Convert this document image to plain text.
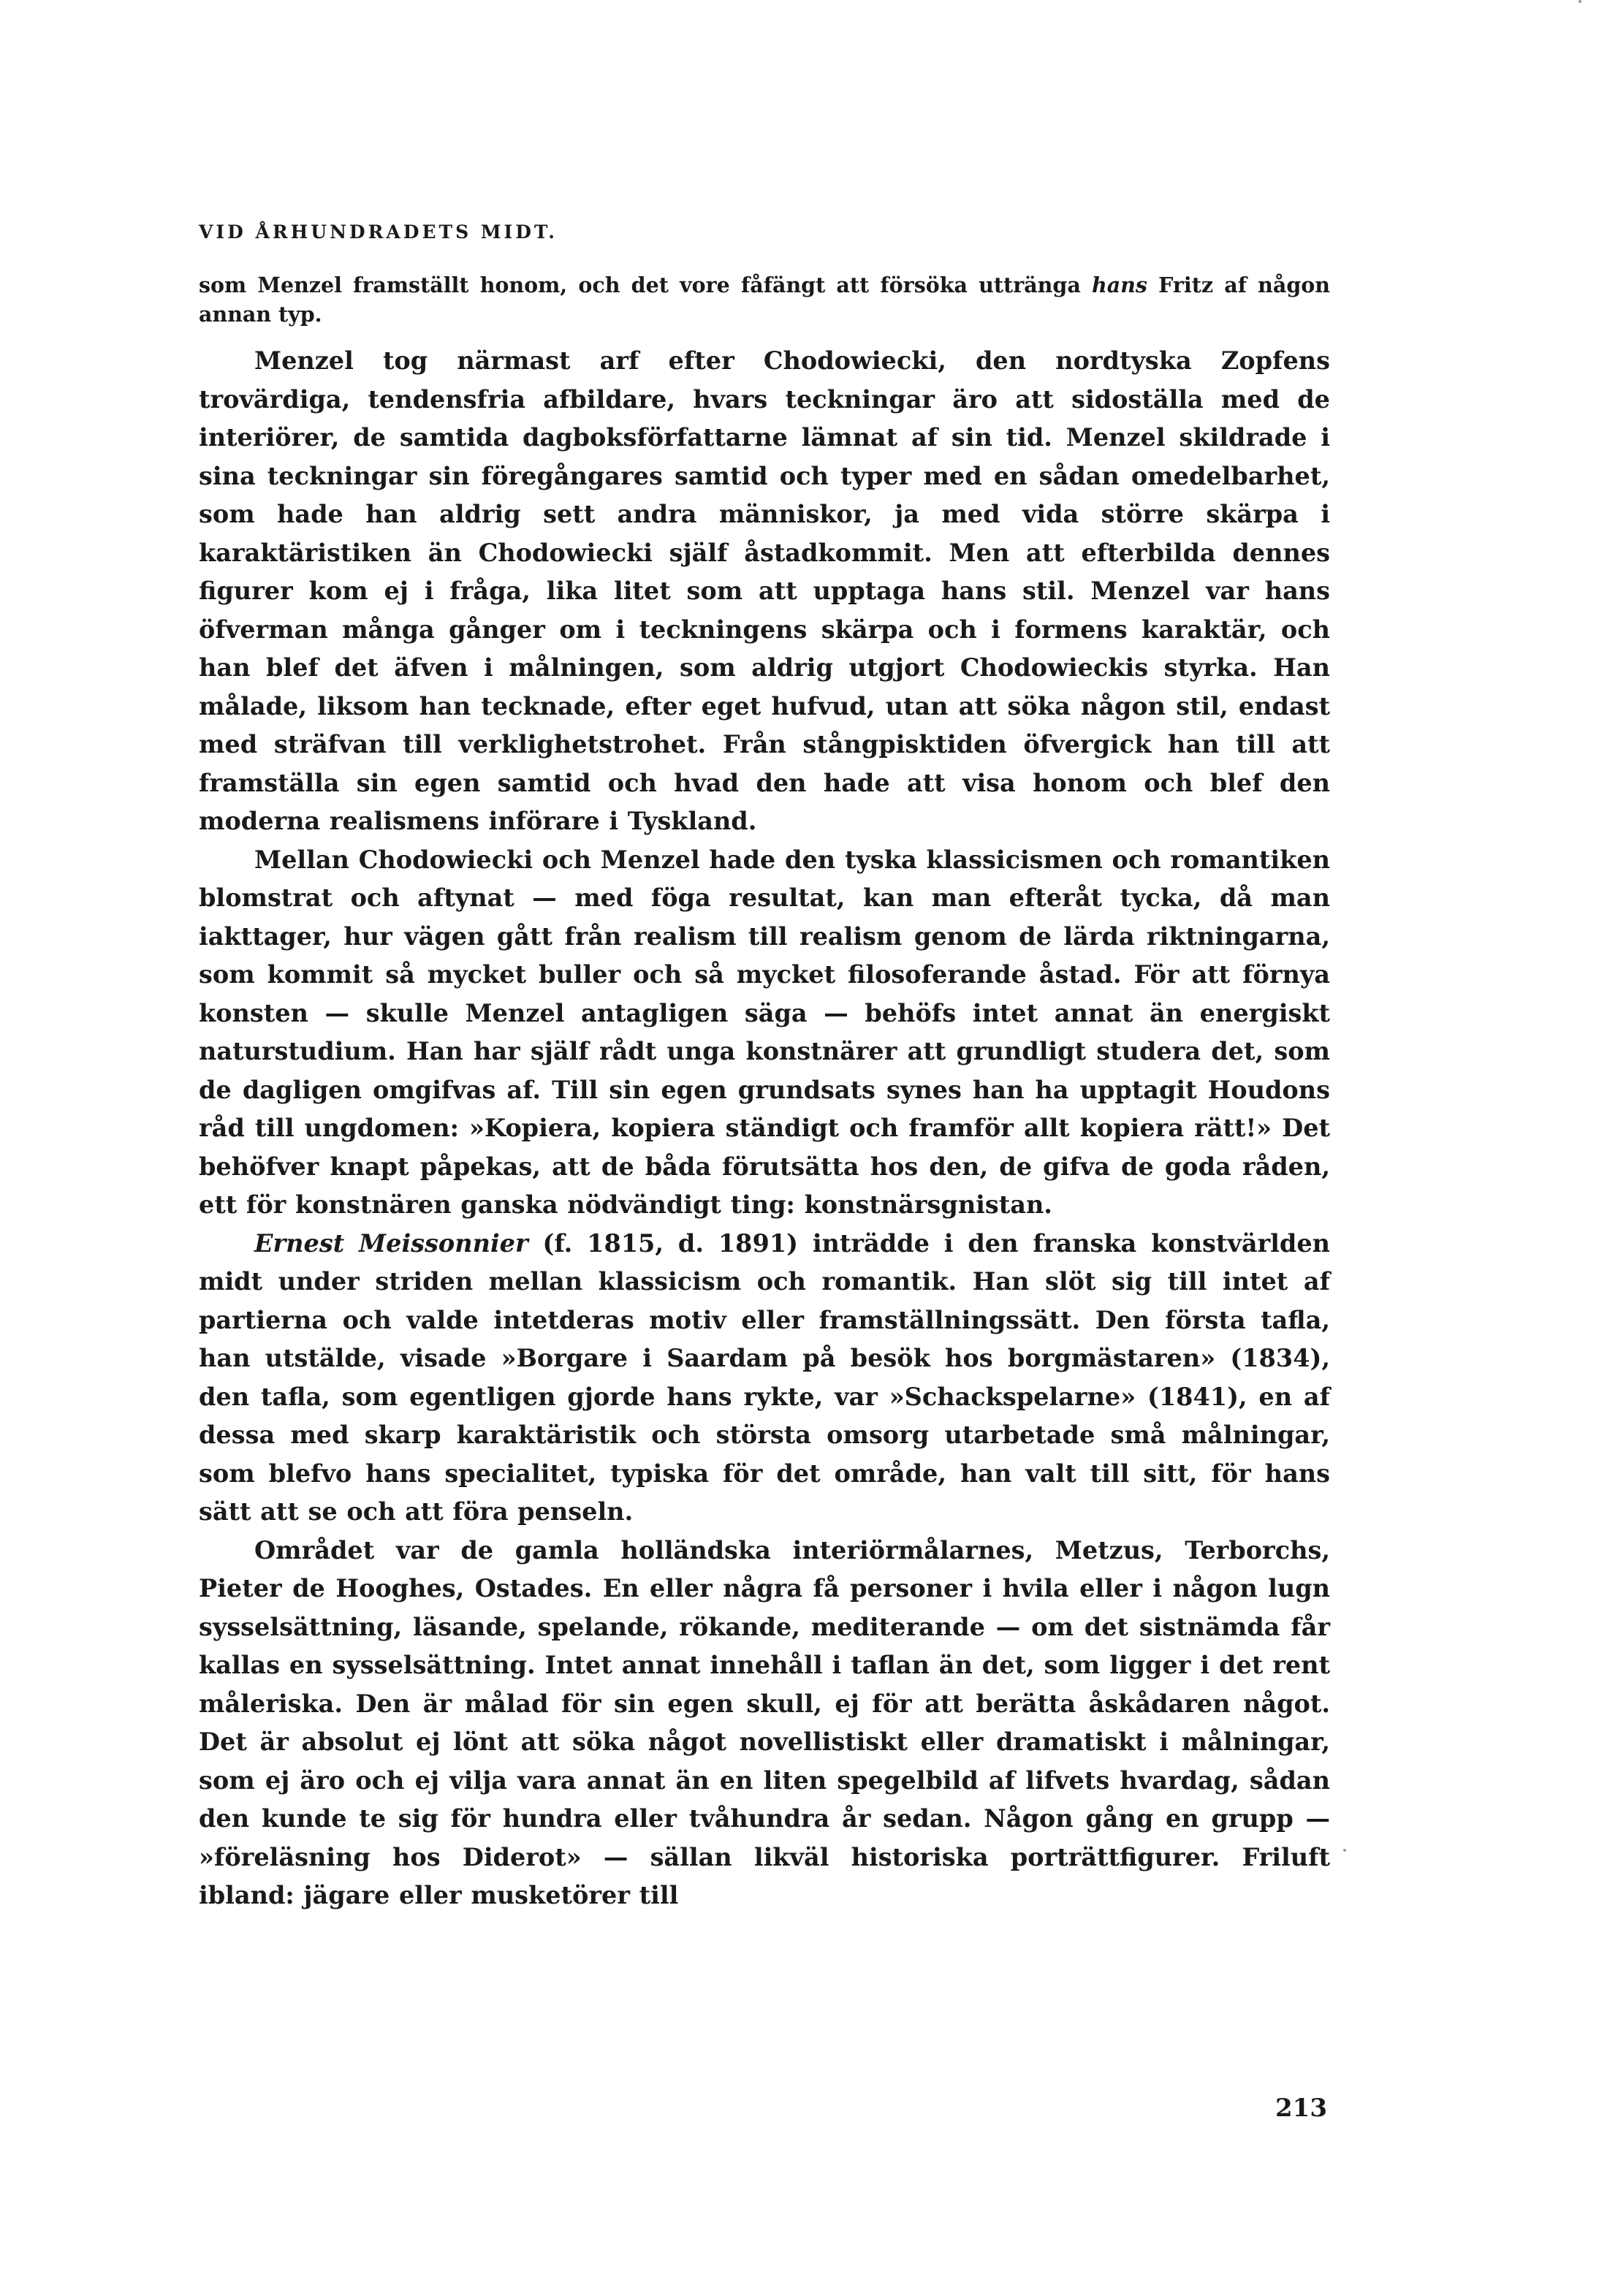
VID ÅRHUNDRADETS MIDT.

som Menzel framställt honom, och det vore fåfängt att försöka uttränga hans Fritz af någon annan typ.

Menzel tog närmast arf efter Chodowiecki, den nordtyska Zopfens trovärdiga, tendensfria afbildare, hvars teckningar äro att sidoställa med de interiörer, de samtida dagboksförfattarne lämnat af sin tid. Menzel skildrade i sina teckningar sin föregångares samtid och typer med en sådan omedelbarhet, som hade han aldrig sett andra människor, ja med vida större skärpa i karaktäristiken än Chodowiecki själf åstadkommit. Men att efterbilda dennes figurer kom ej i fråga, lika litet som att upptaga hans stil. Menzel var hans öfverman många gånger om i teckningens skärpa och i formens karaktär, och han blef det äfven i målningen, som aldrig utgjort Chodowieckis styrka. Han målade, liksom han tecknade, efter eget hufvud, utan att söka någon stil, endast med sträfvan till verklighetstrohet. Från stångpisktiden öfvergick han till att framställa sin egen samtid och hvad den hade att visa honom och blef den moderna realismens införare i Tyskland.

Mellan Chodowiecki och Menzel hade den tyska klassicismen och romantiken blomstrat och aftynat — med föga resultat, kan man efteråt tycka, då man iakttager, hur vägen gått från realism till realism genom de lärda riktningarna, som kommit så mycket buller och så mycket filosoferande åstad. För att förnya konsten — skulle Menzel antagligen säga — behöfs intet annat än energiskt naturstudium. Han har själf rådt unga konstnärer att grundligt studera det, som de dagligen omgifvas af. Till sin egen grundsats synes han ha upptagit Houdons råd till ungdomen: »Kopiera, kopiera ständigt och framför allt kopiera rätt!» Det behöfver knapt påpekas, att de båda förutsätta hos den, de gifva de goda råden, ett för konstnären ganska nödvändigt ting: konstnärsgnistan.

Ernest Meissonnier (f. 1815, d. 1891) inträdde i den franska konstvärlden midt under striden mellan klassicism och romantik. Han slöt sig till intet af partierna och valde intetderas motiv eller framställningssätt. Den första tafla, han utstälde, visade »Borgare i Saardam på besök hos borgmästaren» (1834), den tafla, som egentligen gjorde hans rykte, var »Schackspelarne» (1841), en af dessa med skarp karaktäristik och största omsorg utarbetade små målningar, som blefvo hans specialitet, typiska för det område, han valt till sitt, för hans sätt att se och att föra penseln.

Området var de gamla holländska interiörmålarnes, Metzus, Terborchs, Pieter de Hooghes, Ostades. En eller några få personer i hvila eller i någon lugn sysselsättning, läsande, spelande, rökande, mediterande — om det sistnämda får kallas en sysselsättning. Intet annat innehåll i taflan än det, som ligger i det rent måleriska. Den är målad för sin egen skull, ej för att berätta åskådaren något. Det är absolut ej lönt att söka något novellistiskt eller dramatiskt i målningar, som ej äro och ej vilja vara annat än en liten spegelbild af lifvets hvardag, sådan den kunde te sig för hundra eller tvåhundra år sedan. Någon gång en grupp — »föreläsning hos Diderot» — sällan likväl historiska porträttfigurer. Friluft ibland: jägare eller musketörer till

213
